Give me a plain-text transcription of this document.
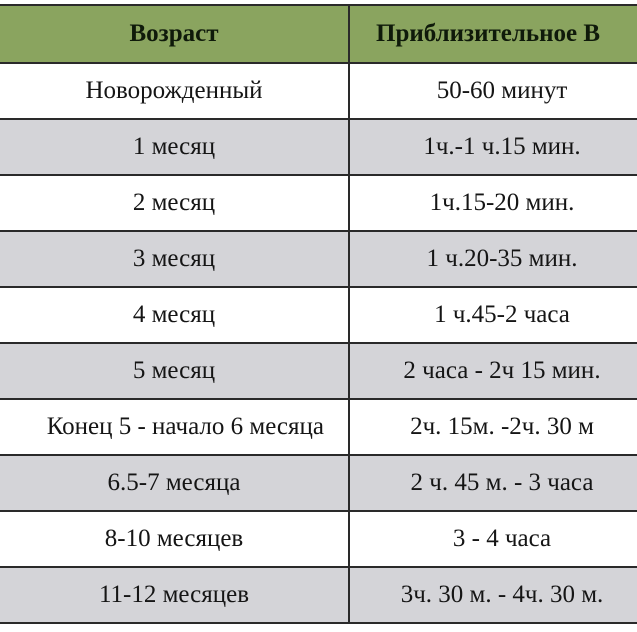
Возраст	Приблизительное В
Новорожденный	50-60 минут
1 месяц	1ч.-1 ч.15 мин.
2 месяц	1ч.15-20 мин.
3 месяц	1 ч.20-35 мин.
4 месяц	1 ч.45-2 часа
5 месяц	2 часа - 2ч 15 мин.
Конец 5 - начало 6 месяца	2ч. 15м. -2ч. 30 м
6.5-7 месяца	2 ч. 45 м. - 3 часа
8-10 месяцев	3 - 4 часа
11-12 месяцев	3ч. 30 м. - 4ч. 30 м.
